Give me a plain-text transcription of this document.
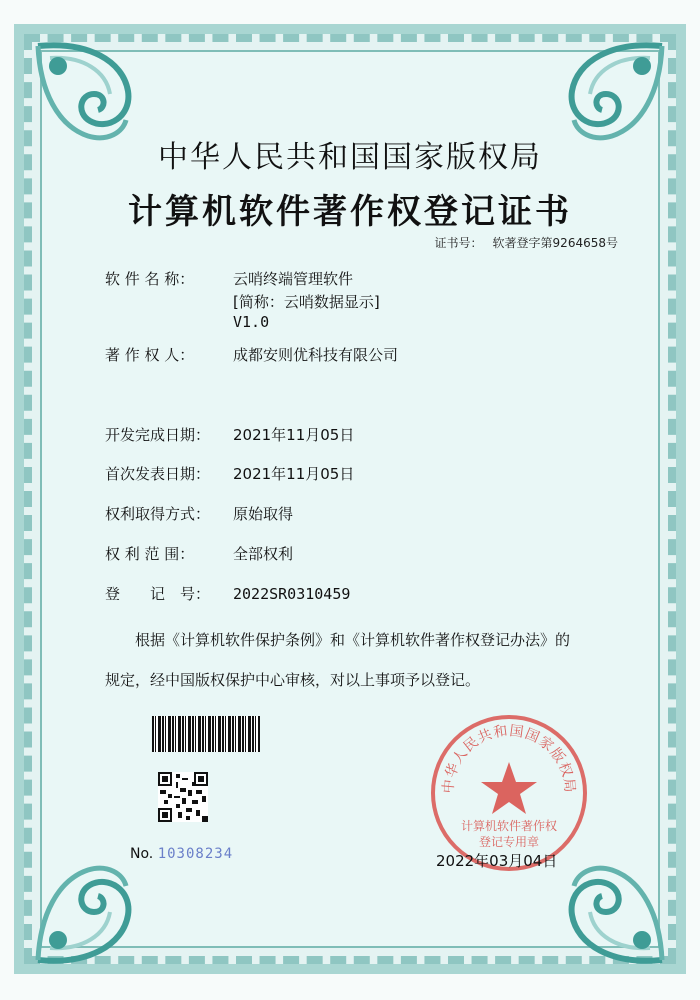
中华人民共和国国家版权局
计算机软件著作权登记证书
证书号： 软著登字第9264658号
软 件 名 称：	云哨终端管理软件
[简称：云哨数据显示]
V1.0
著 作 权 人：	成都安则优科技有限公司
开发完成日期： 2021年11月05日
首次发表日期： 2021年11月05日
权利取得方式： 原始取得
权 利 范 围：	全部权利
登　　记　号： 2022SR0310459
根据《计算机软件保护条例》和《计算机软件著作权登记办法》的
规定，经中国版权保护中心审核，对以上事项予以登记。
No. 10308234
中华人民共和国国家版权局
计算机软件著作权
登记专用章
2022年03月04日
